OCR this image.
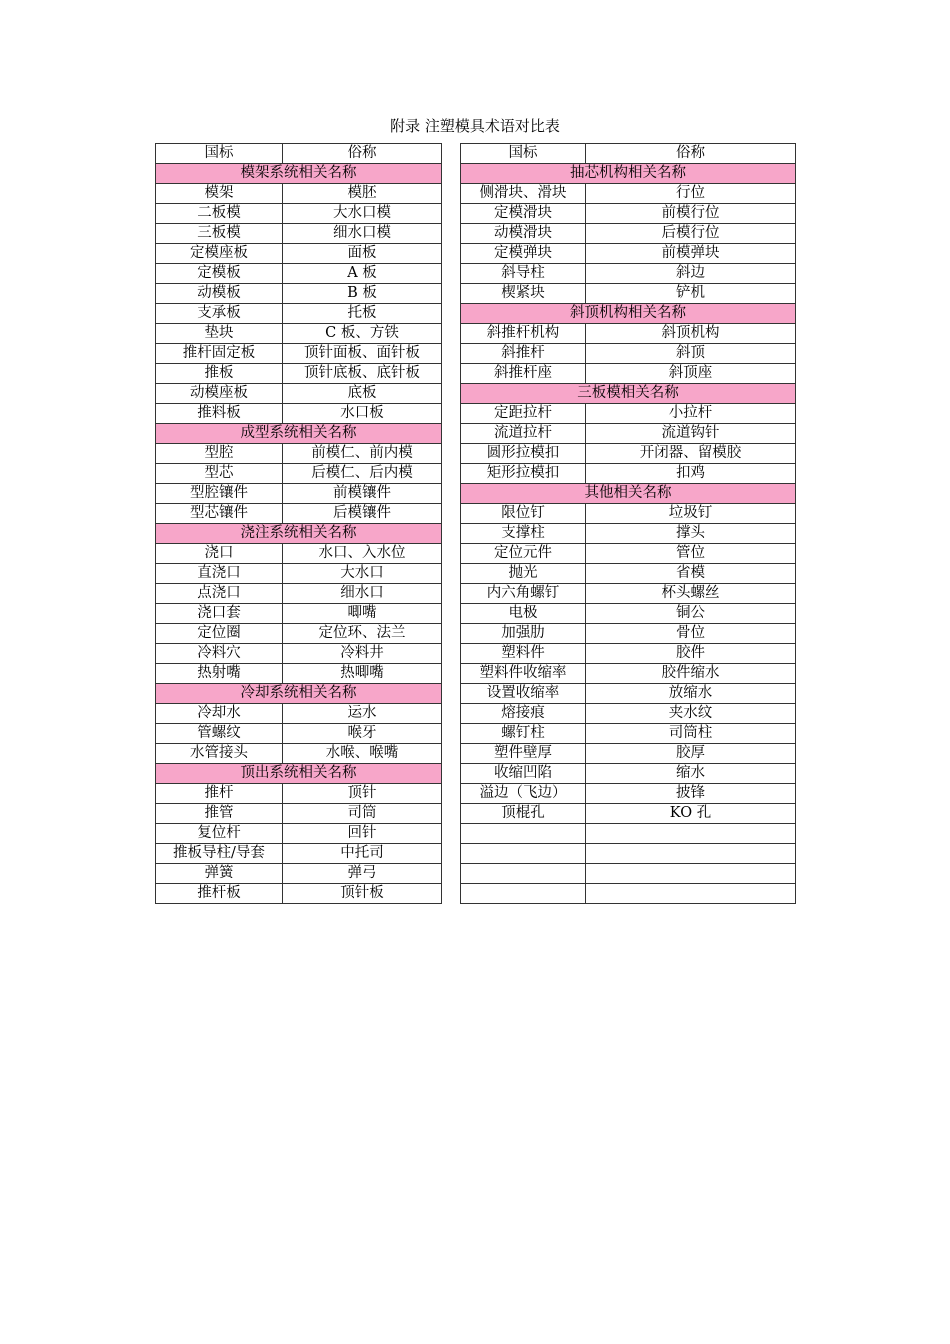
附录 注塑模具术语对比表
国标	俗称
模架系统相关名称	
模架	模胚
二板模	大水口模
三板模	细水口模
定模座板	面板
定模板	A 板
动模板	B 板
支承板	托板
垫块	C 板、方铁
推杆固定板	顶针面板、面针板
推板	顶针底板、底针板
动模座板	底板
推料板	水口板
成型系统相关名称	
型腔	前模仁、前内模
型芯	后模仁、后内模
型腔镶件	前模镶件
型芯镶件	后模镶件
浇注系统相关名称	
浇口	水口、入水位
直浇口	大水口
点浇口	细水口
浇口套	唧嘴
定位圈	定位环、法兰
冷料穴	冷料井
热射嘴	热唧嘴
冷却系统相关名称	
冷却水	运水
管螺纹	喉牙
水管接头	水喉、喉嘴
顶出系统相关名称	
推杆	顶针
推管	司筒
复位杆	回针
推板导柱/导套	中托司
弹簧	弹弓
推杆板	顶针板
国标	俗称
抽芯机构相关名称	
侧滑块、滑块	行位
定模滑块	前模行位
动模滑块	后模行位
定模弹块	前模弹块
斜导柱	斜边
楔紧块	铲机
斜顶机构相关名称	
斜推杆机构	斜顶机构
斜推杆	斜顶
斜推杆座	斜顶座
三板模相关名称	
定距拉杆	小拉杆
流道拉杆	流道钩针
圆形拉模扣	开闭器、留模胶
矩形拉模扣	扣鸡
其他相关名称	
限位钉	垃圾钉
支撑柱	撑头
定位元件	管位
抛光	省模
内六角螺钉	杯头螺丝
电极	铜公
加强肋	骨位
塑料件	胶件
塑料件收缩率	胶件缩水
设置收缩率	放缩水
熔接痕	夹水纹
螺钉柱	司筒柱
塑件壁厚	胶厚
收缩凹陷	缩水
溢边（飞边）	披锋
顶棍孔	KO 孔
